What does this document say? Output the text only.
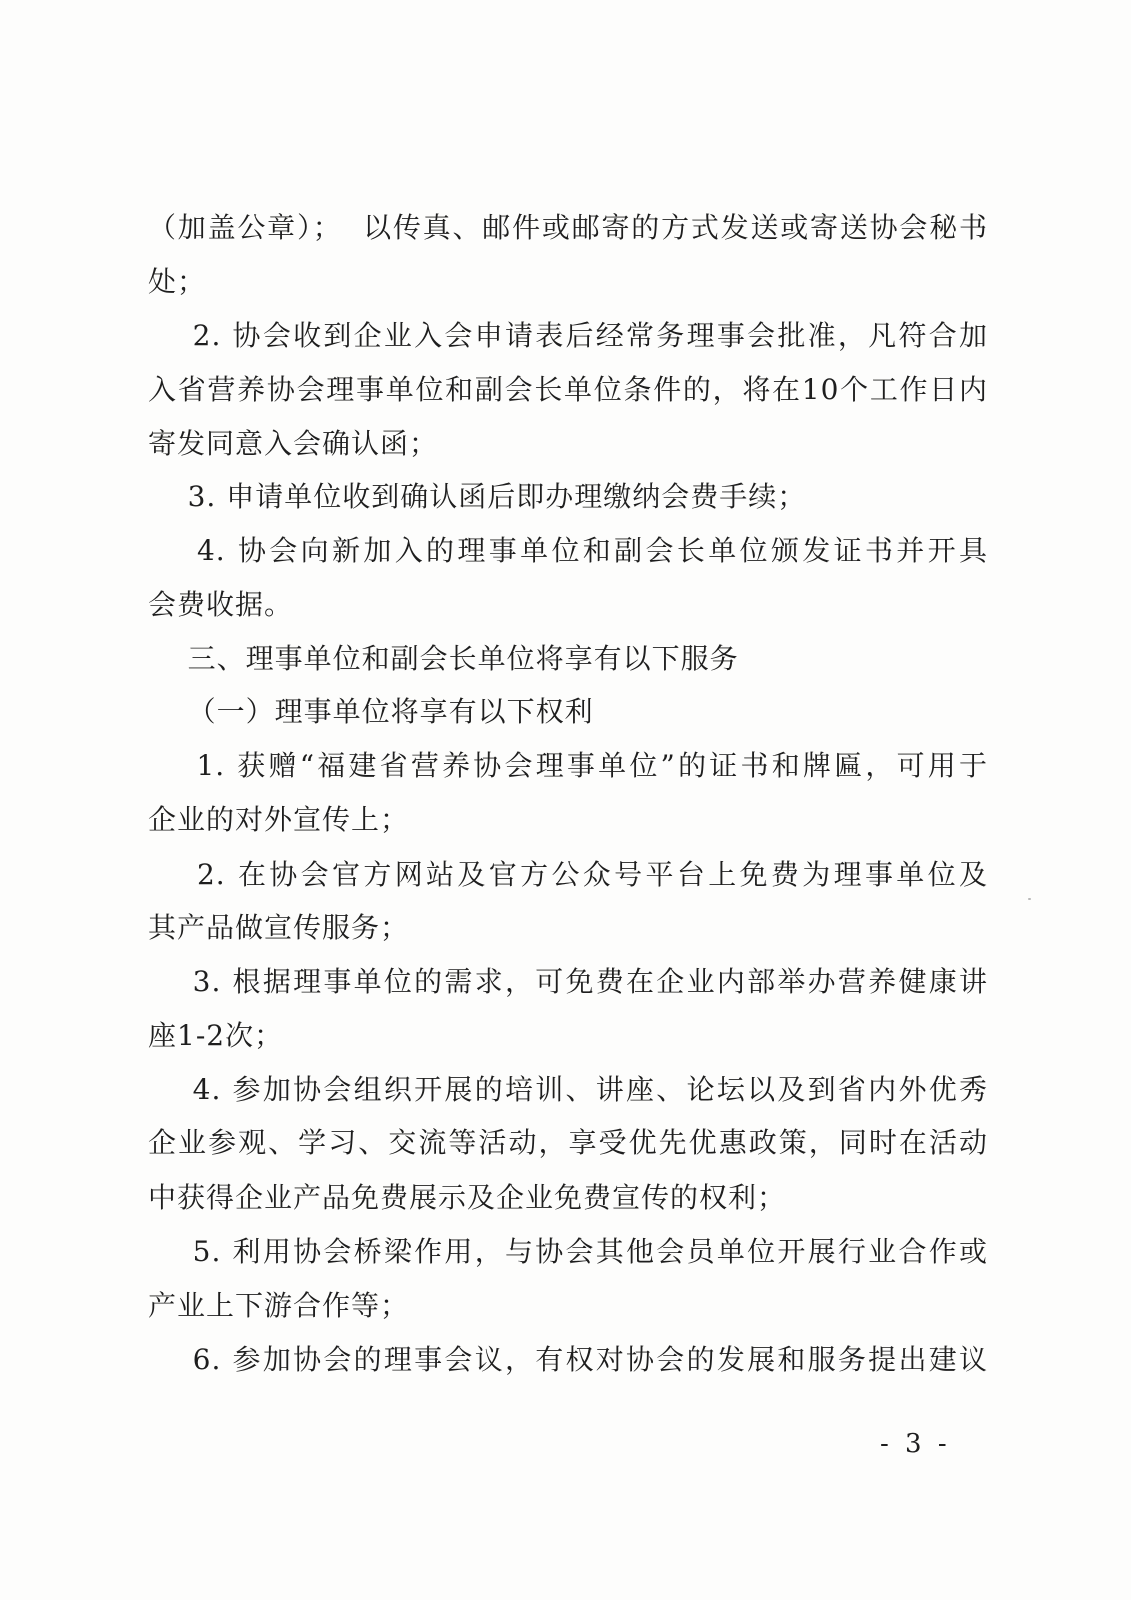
（加盖公章）；  以传真、邮件或邮寄的方式发送或寄送协会秘书
处；
2. 协会收到企业入会申请表后经常务理事会批准，凡符合加
入省营养协会理事单位和副会长单位条件的，将在10个工作日内
寄发同意入会确认函；
3. 申请单位收到确认函后即办理缴纳会费手续；
4. 协会向新加入的理事单位和副会长单位颁发证书并开具
会费收据。
三、理事单位和副会长单位将享有以下服务
（一）理事单位将享有以下权利
1. 获赠“福建省营养协会理事单位”的证书和牌匾，可用于
企业的对外宣传上；
2. 在协会官方网站及官方公众号平台上免费为理事单位及
其产品做宣传服务；
3. 根据理事单位的需求，可免费在企业内部举办营养健康讲
座1-2次；
4. 参加协会组织开展的培训、讲座、论坛以及到省内外优秀
企业参观、学习、交流等活动，享受优先优惠政策，同时在活动
中获得企业产品免费展示及企业免费宣传的权利；
5. 利用协会桥梁作用，与协会其他会员单位开展行业合作或
产业上下游合作等；
6. 参加协会的理事会议，有权对协会的发展和服务提出建议
- 3 -
